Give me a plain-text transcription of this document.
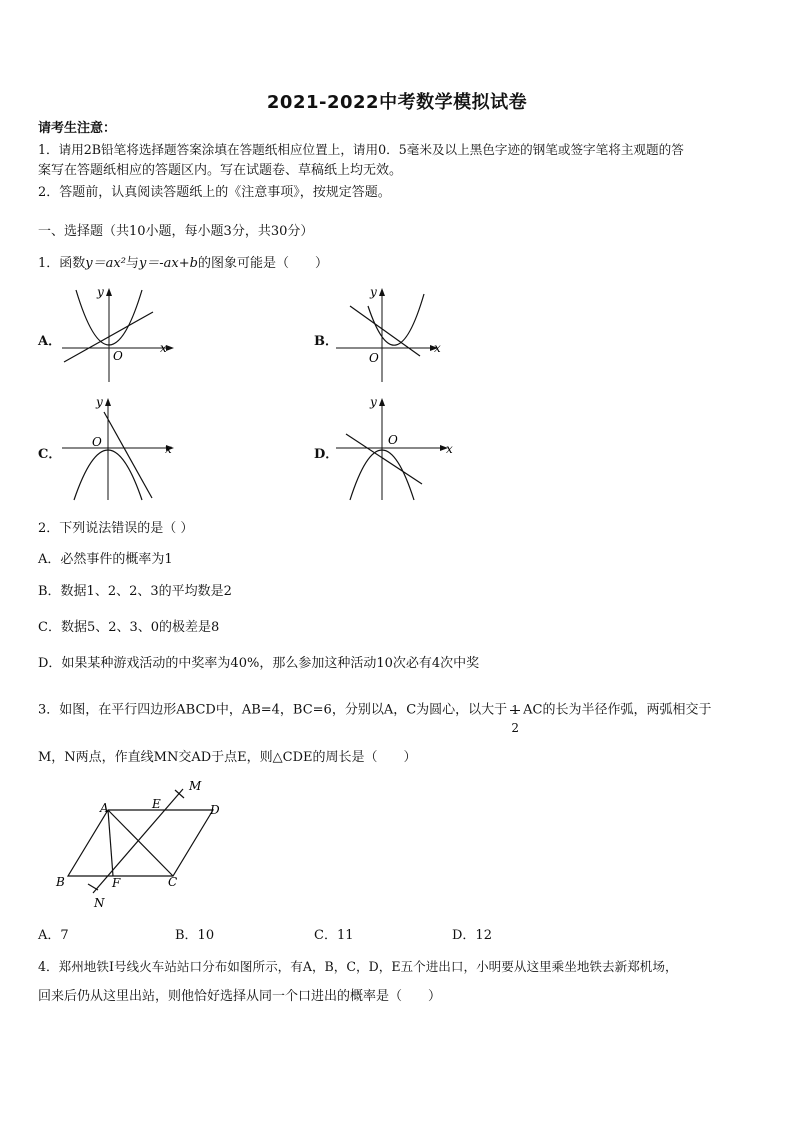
2021-2022中考数学模拟试卷
请考生注意：
1．请用2B铅笔将选择题答案涂填在答题纸相应位置上，请用0．5毫米及以上黑色字迹的钢笔或签字笔将主观题的答
案写在答题纸相应的答题区内。写在试题卷、草稿纸上均无效。
2．答题前，认真阅读答题纸上的《注意事项》，按规定答题。
一、选择题（共10小题，每小题3分，共30分）
1．函数y＝ax²与y＝-ax+b的图象可能是（　　）
A．	B．
C．	D．
y
x
O
y
x
O
y
x
O
y
x
O
2．下列说法错误的是（ ）
A．必然事件的概率为1
B．数据1、2、2、3的平均数是2
C．数据5、2、3、0的极差是8
D．如果某种游戏活动的中奖率为40%，那么参加这种活动10次必有4次中奖
3．如图，在平行四边形ABCD中，AB=4，BC=6，分别以A，C为圆心，以大于
2
AC的长为半径作弧，两弧相交于
M，N两点，作直线MN交AD于点E，则△CDE的周长是（　　）
A	E	D
M
B	F	C
N
A．7	B．10	C．11	D．12
4．郑州地铁Ⅰ号线火车站站口分布如图所示，有A，B，C，D，E五个进出口，小明要从这里乘坐地铁去新郑机场，
回来后仍从这里出站，则他恰好选择从同一个口进出的概率是（　　）
